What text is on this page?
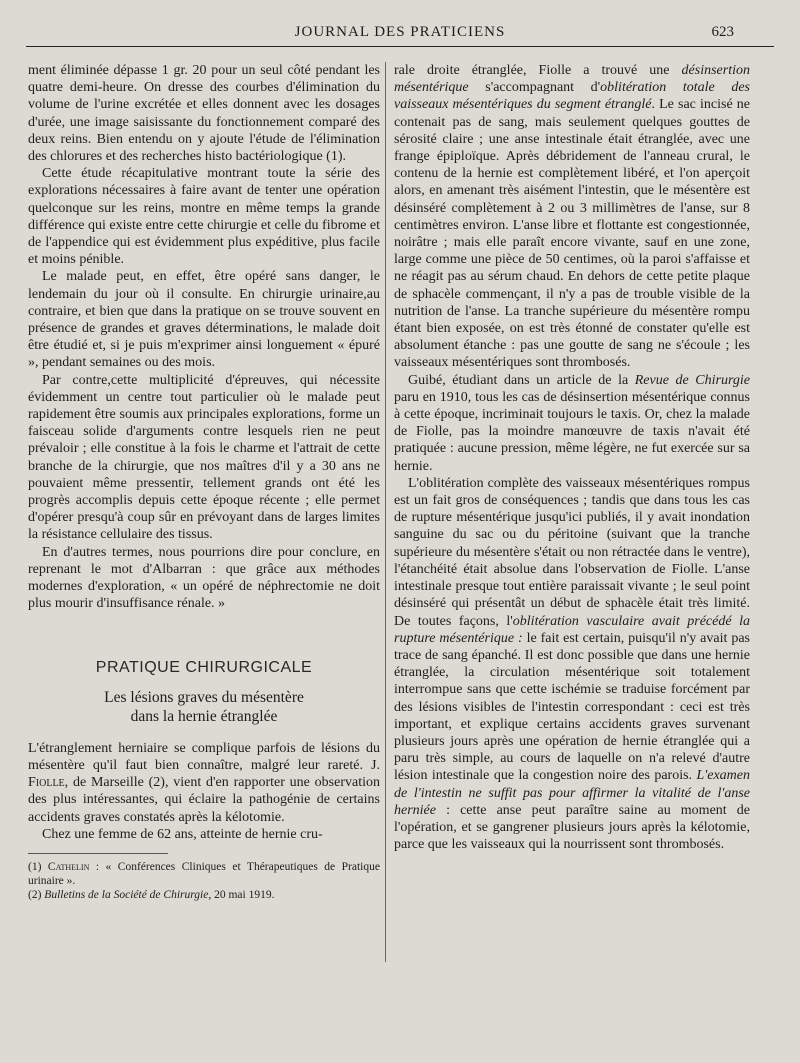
JOURNAL DES PRATICIENS	623

ment éliminée dépasse 1 gr. 20 pour un seul côté pendant les quatre demi-heure. On dresse des courbes d'élimination du volume de l'urine excrétée et elles donnent avec les dosages d'urée, une image saisissante du fonctionnement comparé des deux reins. Bien entendu on y ajoute l'étude de l'élimination des chlorures et des recherches histo bactériologique (1).

Cette étude récapitulative montrant toute la série des explorations nécessaires à faire avant de tenter une opération quelconque sur les reins, montre en même temps la grande différence qui existe entre cette chirurgie et celle du fibrome et de l'appendice qui est évidemment plus expéditive, plus facile et moins pénible.

Le malade peut, en effet, être opéré sans danger, le lendemain du jour où il consulte. En chirurgie urinaire,au contraire, et bien que dans la pratique on se trouve souvent en présence de grandes et graves déterminations, le malade doit être étudié et, si je puis m'exprimer ainsi longuement « épuré », pendant semaines ou des mois.

Par contre,cette multiplicité d'épreuves, qui nécessite évidemment un centre tout particulier où le malade peut rapidement être soumis aux principales explorations, forme un faisceau solide d'arguments contre lesquels rien ne peut prévaloir ; elle constitue à la fois le charme et l'attrait de cette branche de la chirurgie, que nos maîtres d'il y a 30 ans ne pouvaient même pressentir, tellement grands ont été les progrès accomplis depuis cette époque récente ; elle permet d'opérer presqu'à coup sûr en prévoyant dans de larges limites la résistance cellulaire des tissus.

En d'autres termes, nous pourrions dire pour conclure, en reprenant le mot d'Albarran : que grâce aux méthodes modernes d'exploration, « un opéré de néphrectomie ne doit plus mourir d'insuffisance rénale. »

PRATIQUE CHIRURGICALE
Les lésions graves du mésentère
dans la hernie étranglée

L'étranglement herniaire se complique parfois de lésions du mésentère qu'il faut bien connaître, malgré leur rareté. J. Fiolle, de Marseille (2), vient d'en rapporter une observation des plus intéressantes, qui éclaire la pathogénie de certains accidents graves constatés après la kélotomie.

Chez une femme de 62 ans, atteinte de hernie cru-

(1) Cathelin : « Conférences Cliniques et Thérapeutiques de Pratique urinaire ».

(2) Bulletins de la Société de Chirurgie, 20 mai 1919.

rale droite étranglée, Fiolle a trouvé une désinsertion mésentérique s'accompagnant d'oblitération totale des vaisseaux mésentériques du segment étranglé. Le sac incisé ne contenait pas de sang, mais seulement quelques gouttes de sérosité claire ; une anse intestinale était étranglée, avec une frange épiploïque. Après débridement de l'anneau crural, le contenu de la hernie est complètement libéré, et l'on aperçoit alors, en amenant très aisément l'intestin, que le mésentère est désinséré complètement à 2 ou 3 millimètres de l'anse, sur 8 centimètres environ. L'anse libre et flottante est congestionnée, noirâtre ; mais elle paraît encore vivante, sauf en une zone, large comme une pièce de 50 centimes, où la paroi s'affaisse et ne réagit pas au sérum chaud. En dehors de cette petite plaque de sphacèle commençant, il n'y a pas de trouble visible de la nutrition de l'anse. La tranche supérieure du mésentère rompu étant bien exposée, on est très étonné de constater qu'elle est absolument étanche : pas une goutte de sang ne s'écoule ; les vaisseaux mésentériques sont thrombosés.

Guibé, étudiant dans un article de la Revue de Chirurgie paru en 1910, tous les cas de désinsertion mésentérique connus à cette époque, incriminait toujours le taxis. Or, chez la malade de Fiolle, pas la moindre manœuvre de taxis n'avait été pratiquée : aucune pression, même légère, ne fut exercée sur sa hernie.

L'oblitération complète des vaisseaux mésentériques rompus est un fait gros de conséquences ; tandis que dans tous les cas de rupture mésentérique jusqu'ici publiés, il y avait inondation sanguine du sac ou du péritoine (suivant que la tranche supérieure du mésentère s'était ou non rétractée dans le ventre), l'étanchéité était absolue dans l'observation de Fiolle. L'anse intestinale presque tout entière paraissait vivante ; le seul point désinséré qui présentât un début de sphacèle était très limité. De toutes façons, l'oblitération vasculaire avait précédé la rupture mésentérique : le fait est certain, puisqu'il n'y avait pas trace de sang épanché. Il est donc possible que dans une hernie étranglée, la circulation mésentérique soit totalement interrompue sans que cette ischémie se traduise forcément par des lésions visibles de l'intestin correspondant : ceci est très important, et explique certains accidents graves survenant plusieurs jours après une opération de hernie étranglée qui a paru très simple, au cours de laquelle on n'a relevé d'autre lésion intestinale que la congestion noire des parois. L'examen de l'intestin ne suffit pas pour affirmer la vitalité de l'anse herniée : cette anse peut paraître saine au moment de l'opération, et se gangrener plusieurs jours après la kélotomie, parce que les vaisseaux qui la nourrissent sont thrombosés.
